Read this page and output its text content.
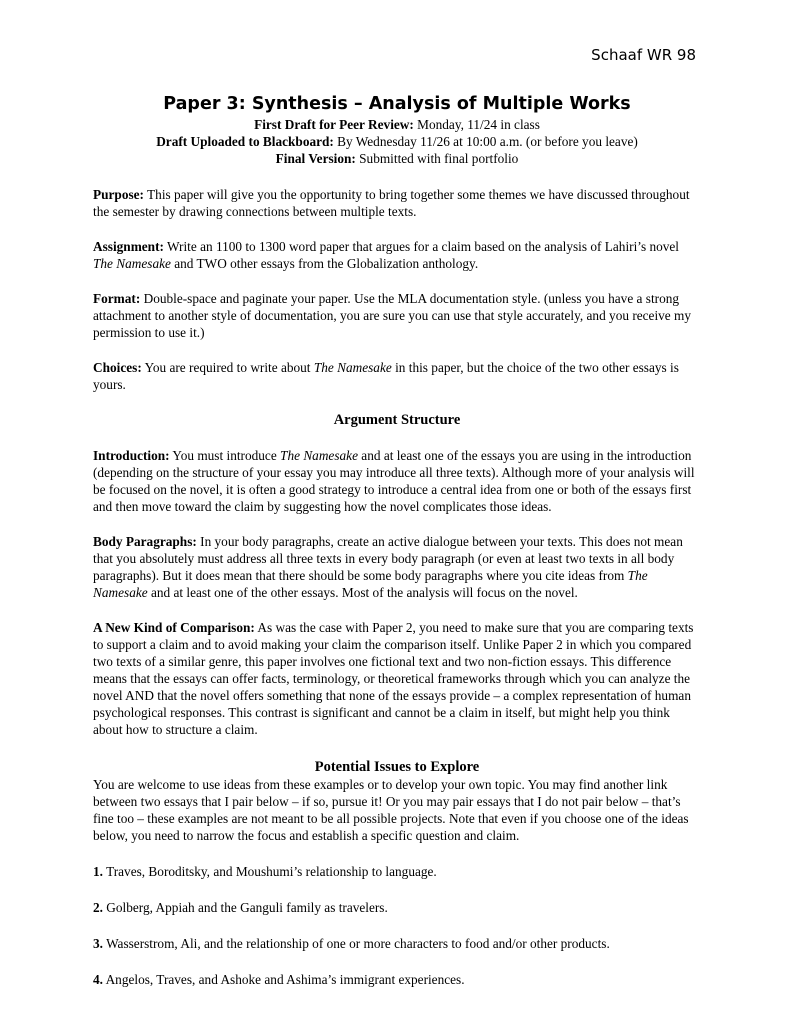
Schaaf WR 98
Paper 3: Synthesis – Analysis of Multiple Works
First Draft for Peer Review: Monday, 11/24 in class
Draft Uploaded to Blackboard: By Wednesday 11/26 at 10:00 a.m. (or before you leave)
Final Version: Submitted with final portfolio

Purpose: This paper will give you the opportunity to bring together some themes we have discussed throughout the semester by drawing connections between multiple texts.

Assignment: Write an 1100 to 1300 word paper that argues for a claim based on the analysis of Lahiri’s novel The Namesake and TWO other essays from the Globalization anthology.

Format: Double-space and paginate your paper. Use the MLA documentation style. (unless you have a strong attachment to another style of documentation, you are sure you can use that style accurately, and you receive my permission to use it.)

Choices: You are required to write about The Namesake in this paper, but the choice of the two other essays is yours.

Argument Structure

Introduction: You must introduce The Namesake and at least one of the essays you are using in the introduction (depending on the structure of your essay you may introduce all three texts). Although more of your analysis will be focused on the novel, it is often a good strategy to introduce a central idea from one or both of the essays first and then move toward the claim by suggesting how the novel complicates those ideas.

Body Paragraphs: In your body paragraphs, create an active dialogue between your texts. This does not mean that you absolutely must address all three texts in every body paragraph (or even at least two texts in all body paragraphs). But it does mean that there should be some body paragraphs where you cite ideas from The Namesake and at least one of the other essays. Most of the analysis will focus on the novel.

A New Kind of Comparison: As was the case with Paper 2, you need to make sure that you are comparing texts to support a claim and to avoid making your claim the comparison itself. Unlike Paper 2 in which you compared two texts of a similar genre, this paper involves one fictional text and two non-fiction essays. This difference means that the essays can offer facts, terminology, or theoretical frameworks through which you can analyze the novel AND that the novel offers something that none of the essays provide – a complex representation of human psychological responses. This contrast is significant and cannot be a claim in itself, but might help you think about how to structure a claim.

Potential Issues to Explore

You are welcome to use ideas from these examples or to develop your own topic. You may find another link between two essays that I pair below – if so, pursue it! Or you may pair essays that I do not pair below – that’s fine too – these examples are not meant to be all possible projects. Note that even if you choose one of the ideas below, you need to narrow the focus and establish a specific question and claim.

1. Traves, Boroditsky, and Moushumi’s relationship to language.

2. Golberg, Appiah and the Ganguli family as travelers.

3. Wasserstrom, Ali, and the relationship of one or more characters to food and/or other products.

4. Angelos, Traves, and Ashoke and Ashima’s immigrant experiences.
